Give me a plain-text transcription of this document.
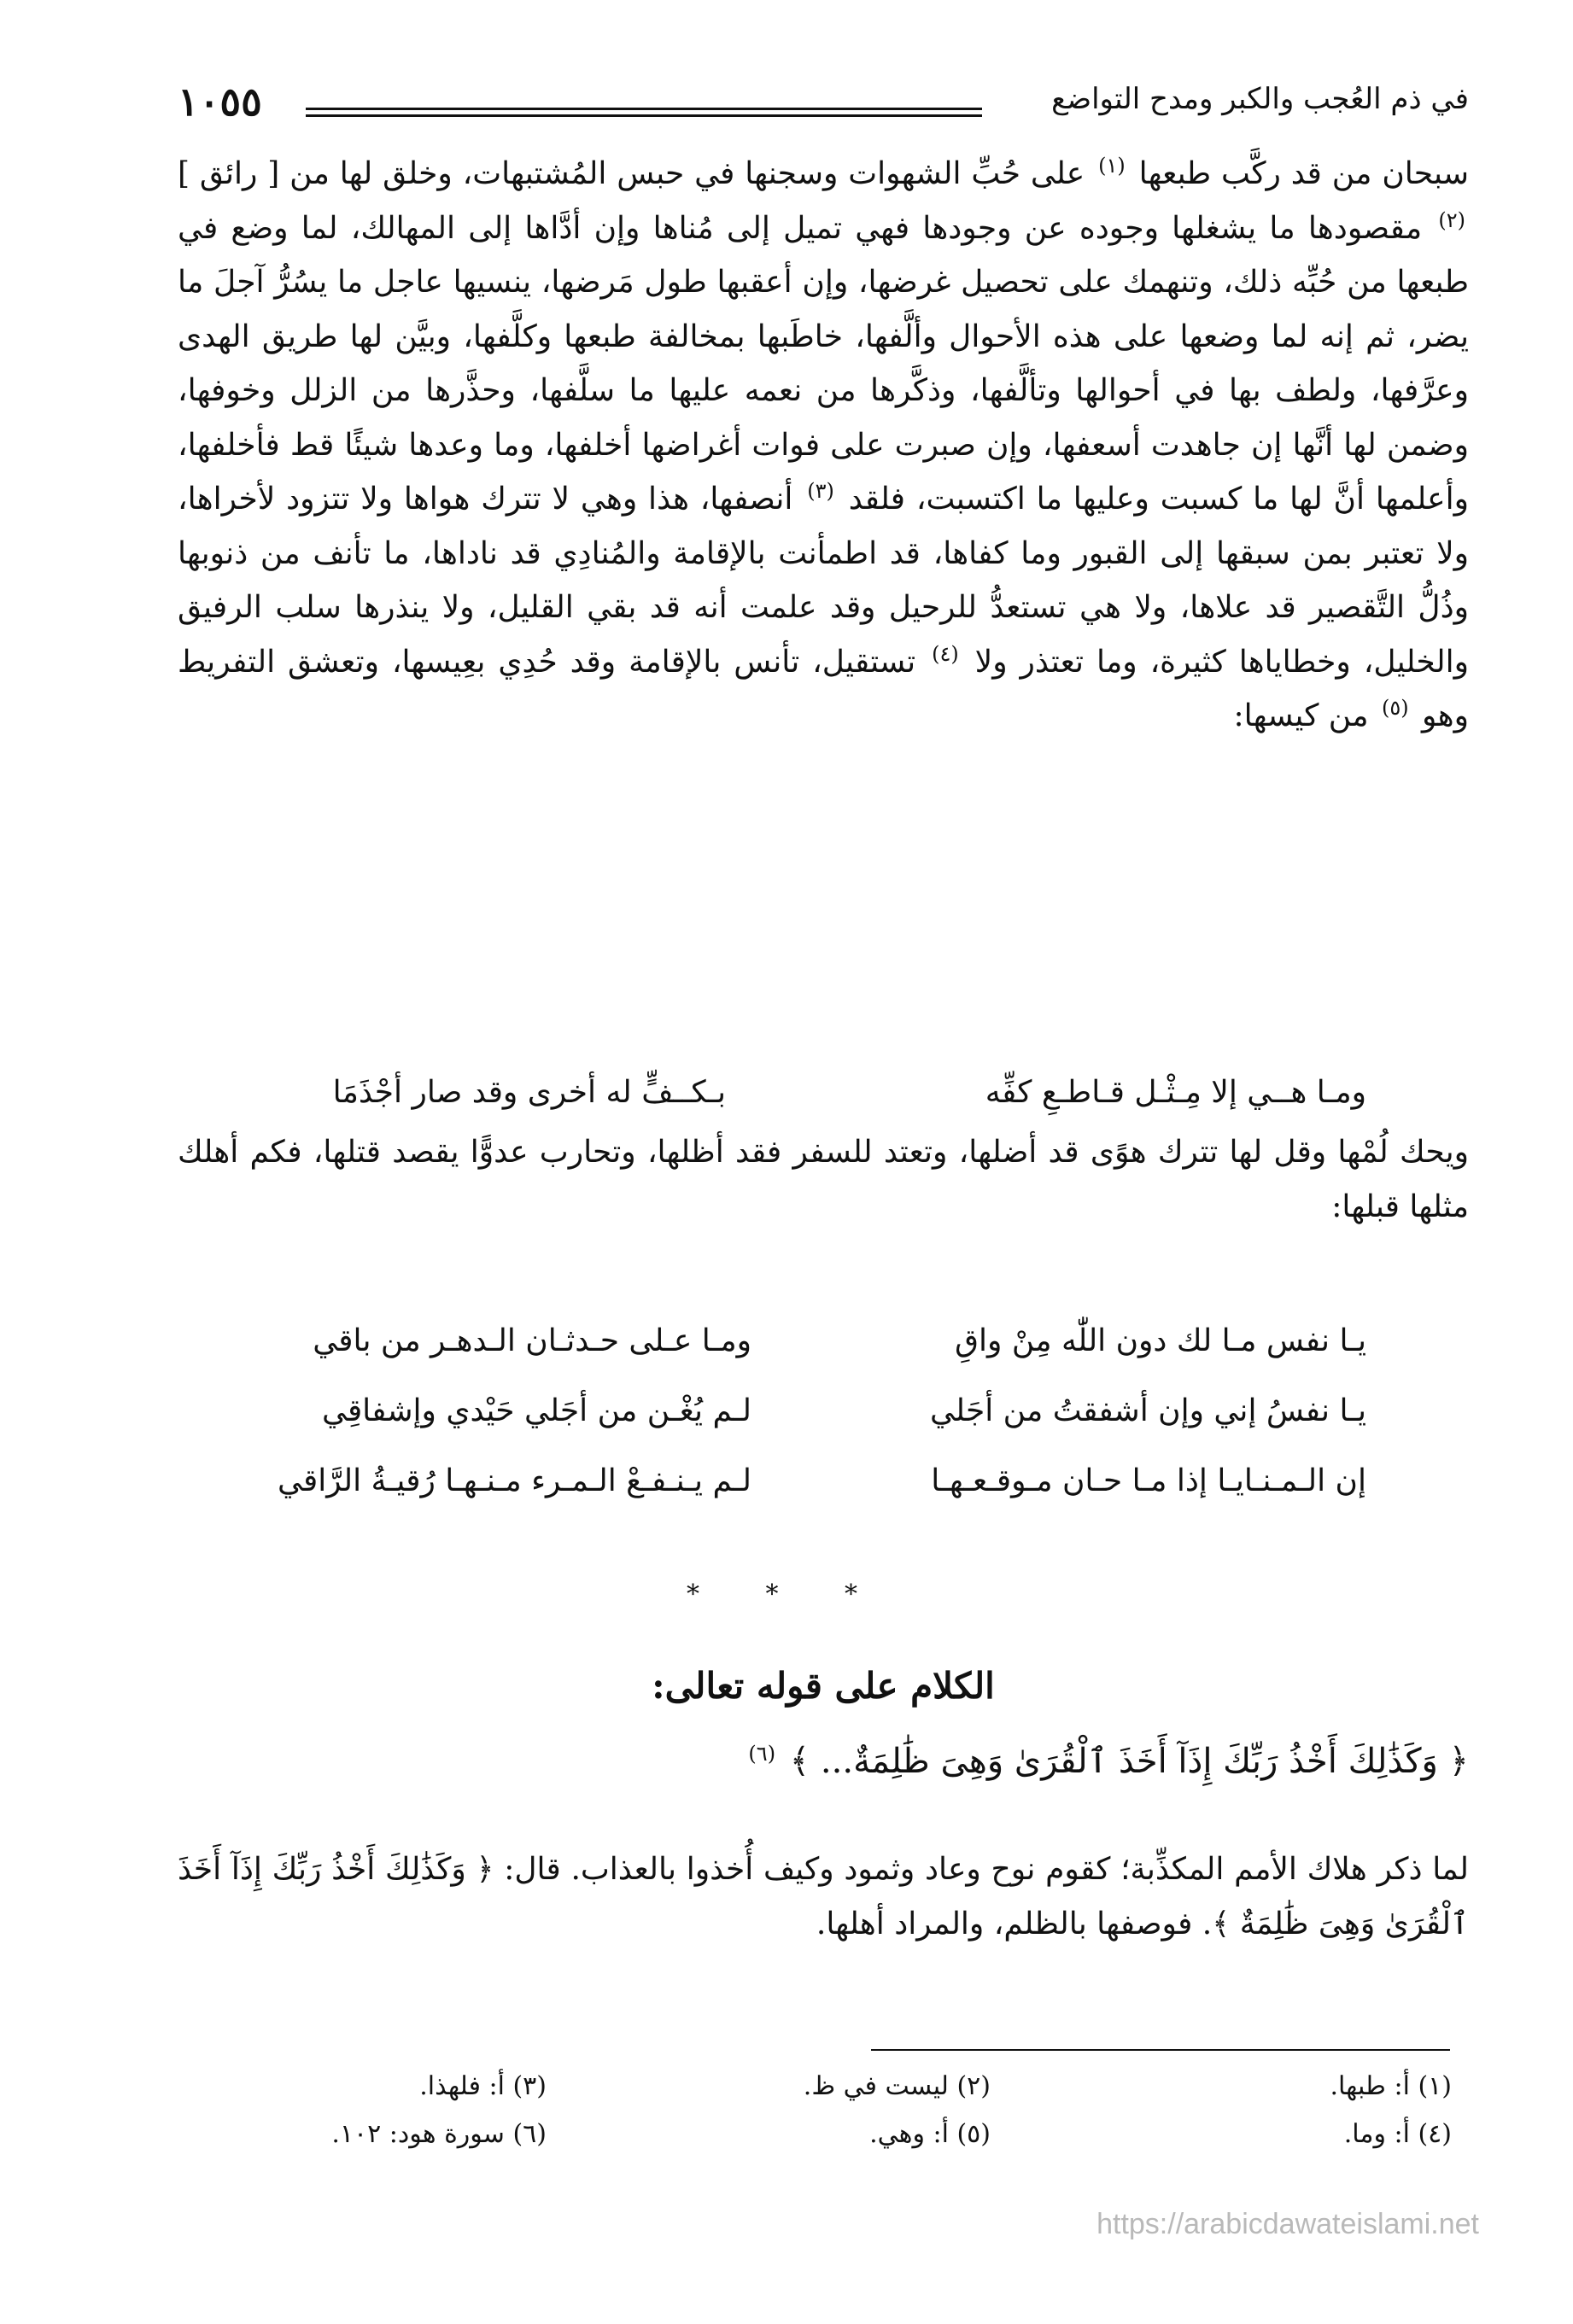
١٠٥٥	في ذم العُجب والكبر ومدح التواضع
سبحان من قد ركَّب طبعها $^{(١)}$ على حُبِّ الشهوات وسجنها في حبس المُشتبهات، وخلق لها من [ رائق ] $^{(٢)}$ مقصودها ما يشغلها وجوده عن وجودها فهي تميل إلى مُناها وإن أدَّاها إلى المهالك، لما وضع في طبعها من حُبِّه ذلك، وتنهمك على تحصيل غرضها، وإن أعقبها طول مَرضها، ينسيها عاجل ما يسُرُّ آجلَ ما يضر، ثم إنه لما وضعها على هذه الأحوال وألَّفها، خاطَبها بمخالفة طبعها وكلَّفها، وبيَّن لها طريق الهدى وعرَّفها، ولطف بها في أحوالها وتألَّفها، وذكَّرها من نعمه عليها ما سلَّفها، وحذَّرها من الزلل وخوفها، وضمن لها أنَّها إن جاهدت أسعفها، وإن صبرت على فوات أغراضها أخلفها، وما وعدها شيئًا قط فأخلفها، وأعلمها أنَّ لها ما كسبت وعليها ما اكتسبت، فلقد $^{(٣)}$ أنصفها، هذا وهي لا تترك هواها ولا تتزود لأخراها، ولا تعتبر بمن سبقها إلى القبور وما كفاها، قد اطمأنت بالإقامة والمُنادِي قد ناداها، ما تأنف من ذنوبها وذُلُّ التَّقصير قد علاها، ولا هي تستعدُّ للرحيل وقد علمت أنه قد بقي القليل، ولا ينذرها سلب الرفيق والخليل، وخطاياها كثيرة، وما تعتذر ولا $^{(٤)}$ تستقيل، تأنس بالإقامة وقد حُدِي بعِيسها، وتعشق التفريط وهو $^{(٥)}$ من كيسها:
ومـا هــي إلا مِـثْـل قـاطـعِ كفِّه
بـكــفٍّ له أخرى وقد صار أجْذَمَا
ويحك لُمْها وقل لها تترك هوًى قد أضلها، وتعتد للسفر فقد أظلها، وتحارب عدوًّا يقصد قتلها، فكم أهلك مثلها قبلها:
يـا نفس مـا لك دون اللّٰه مِنْ واقِ
ومـا عـلى حـدثـان الـدهـر من باقي
يـا نفسُ إني وإن أشفقتُ من أجَلي
لـم يُغْـن من أجَلي حَيْدي وإشفاقِي
إن الـمـنـايـا إذا مـا حـان مـوقـعـهـا
لـم يـنـفـعْ الـمـرء مـنـهـا رُقيـةُ الرَّاقي
* * *
الكلام على قوله تعالى:
﴿ وَكَذَٰلِكَ أَخْذُ رَبِّكَ إِذَآ أَخَذَ ٱلْقُرَىٰ وَهِىَ ظَٰلِمَةٌ... ﴾ $^{(٦)}$
لما ذكر هلاك الأمم المكذِّبة؛ كقوم نوح وعاد وثمود وكيف أُخذوا بالعذاب. قال: ﴿ وَكَذَٰلِكَ أَخْذُ رَبِّكَ إِذَآ أَخَذَ ٱلْقُرَىٰ وَهِىَ ظَٰلِمَةٌ ﴾. فوصفها بالظلم، والمراد أهلها.
(١) أ: طبها.
(٢) ليست في ظ.
(٣) أ: فلهذا.
(٤) أ: وما.
(٥) أ: وهي.
(٦) سورة هود: ١٠٢.
https://arabicdawateislami.net
